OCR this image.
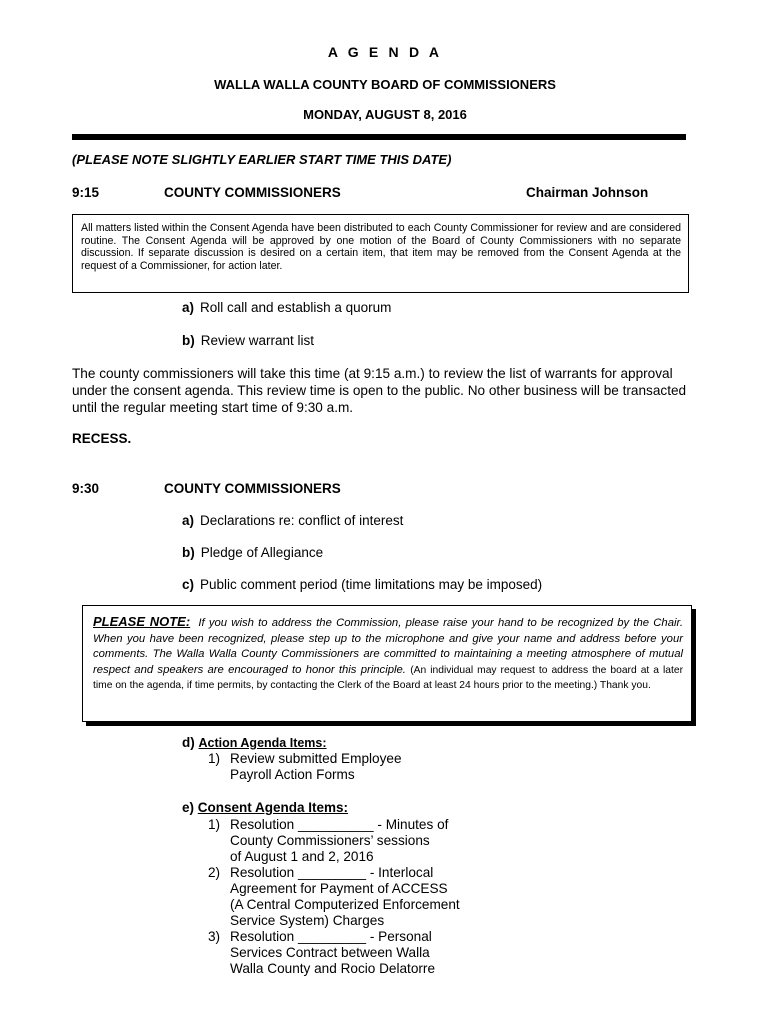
A G E N D A
WALLA WALLA COUNTY BOARD OF COMMISSIONERS
MONDAY, AUGUST 8, 2016
(PLEASE NOTE SLIGHTLY EARLIER START TIME THIS DATE)
9:15	COUNTY COMMISSIONERS	Chairman Johnson

All matters listed within the Consent Agenda have been distributed to each County Commissioner for review and are considered routine. The Consent Agenda will be approved by one motion of the Board of County Commissioners with no separate discussion. If separate discussion is desired on a certain item, that item may be removed from the Consent Agenda at the request of a Commissioner, for action later.

a) Roll call and establish a quorum
b) Review warrant list

The county commissioners will take this time (at 9:15 a.m.) to review the list of warrants for approval under the consent agenda. This review time is open to the public. No other business will be transacted until the regular meeting start time of 9:30 a.m.

RECESS.
9:30	COUNTY COMMISSIONERS
a) Declarations re: conflict of interest
b) Pledge of Allegiance
c) Public comment period (time limitations may be imposed)

PLEASE NOTE: If you wish to address the Commission, please raise your hand to be recognized by the Chair. When you have been recognized, please step up to the microphone and give your name and address before your comments. The Walla Walla County Commissioners are committed to maintaining a meeting atmosphere of mutual respect and speakers are encouraged to honor this principle. (An individual may request to address the board at a later time on the agenda, if time permits, by contacting the Clerk of the Board at least 24 hours prior to the meeting.) Thank you.

d) Action Agenda Items:
1) Review submitted Employee
Payroll Action Forms
e) Consent Agenda Items:
1) Resolution __________ - Minutes of
County Commissioners’ sessions
of August 1 and 2, 2016
2) Resolution _________ - Interlocal
Agreement for Payment of ACCESS
(A Central Computerized Enforcement
Service System) Charges
3) Resolution _________ - Personal
Services Contract between Walla
Walla County and Rocio Delatorre
